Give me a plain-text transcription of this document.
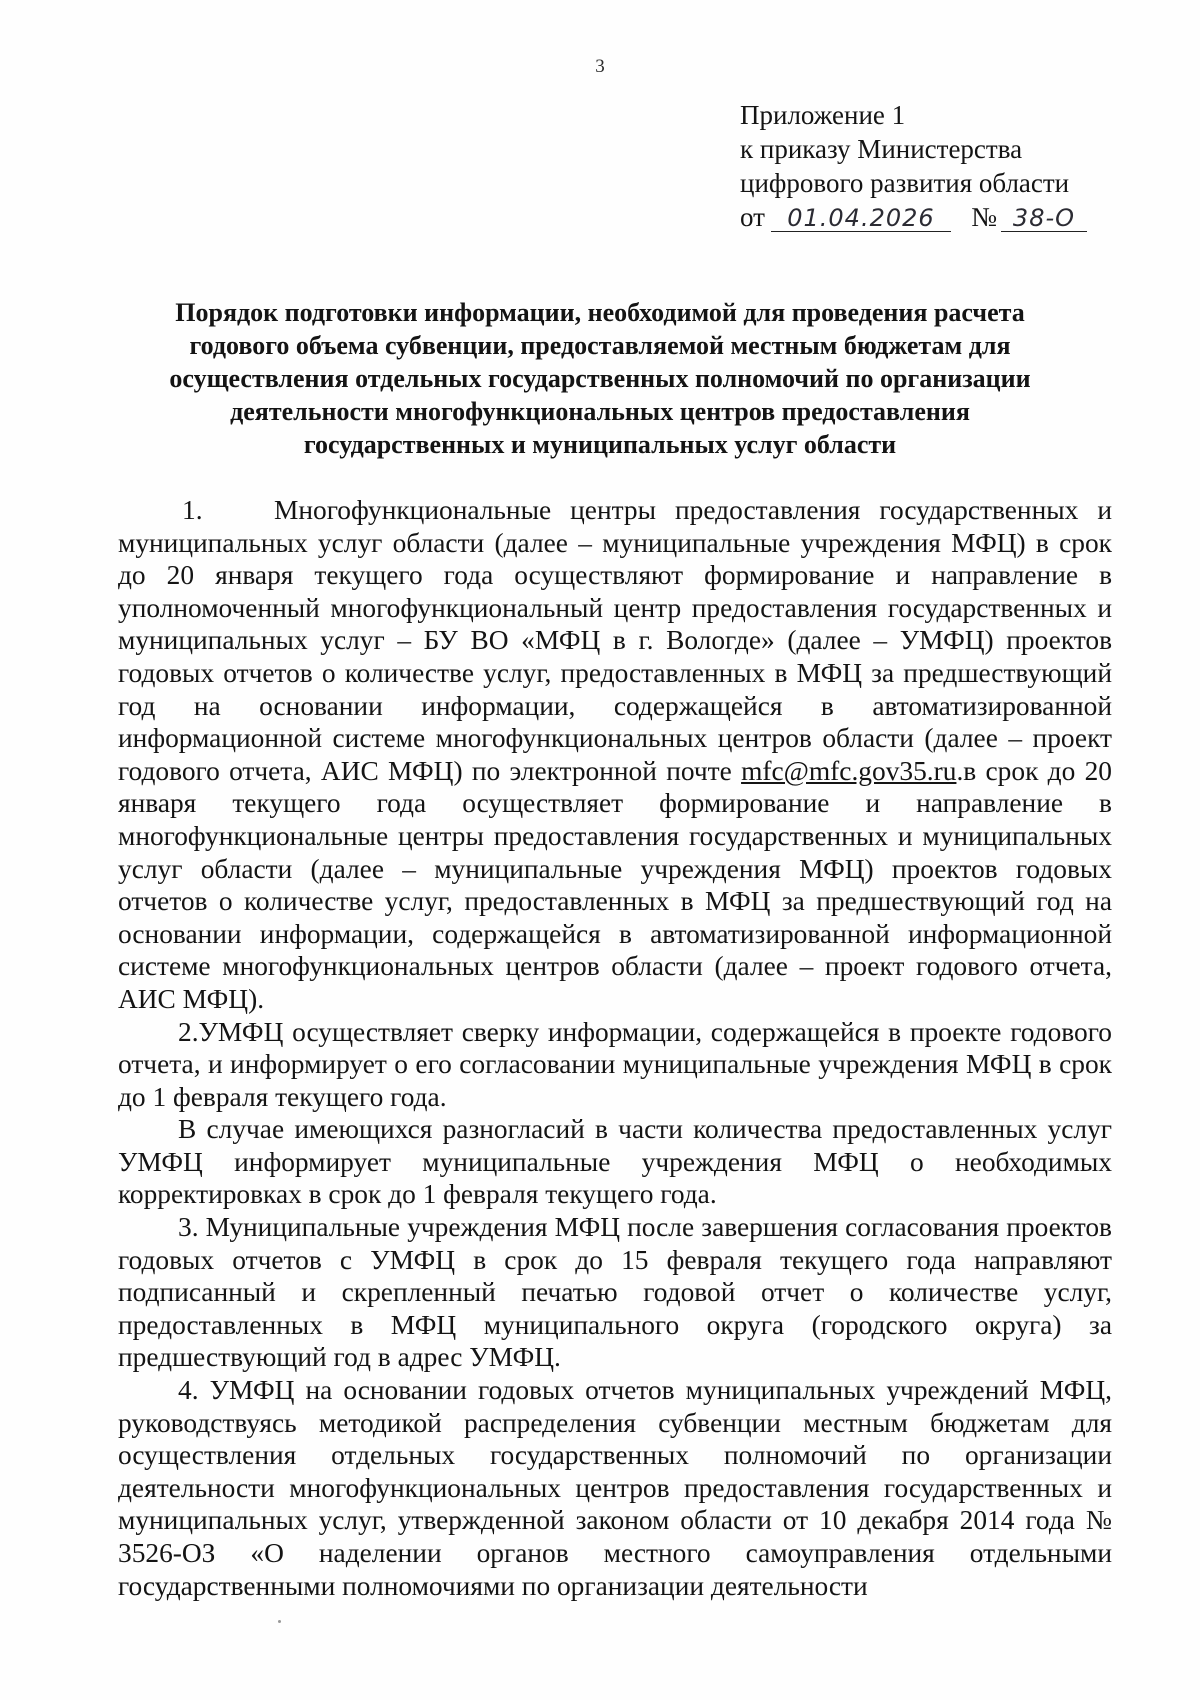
3
Приложение 1
к приказу Министерства
цифрового развития области
от 01.04.2026 № 38-О
Порядок подготовки информации, необходимой для проведения расчета
годового объема субвенции, предоставляемой местным бюджетам для
осуществления отдельных государственных полномочий по организации
деятельности многофункциональных центров предоставления
государственных и муниципальных услуг области

1.	Многофункциональные центры предоставления государственных и муниципальных услуг области (далее – муниципальные учреждения МФЦ) в срок до 20 января текущего года осуществляют формирование и направление в уполномоченный многофункциональный центр предоставления государственных и муниципальных услуг – БУ ВО «МФЦ в г. Вологде» (далее – УМФЦ) проектов годовых отчетов о количестве услуг, предоставленных в МФЦ за предшествующий год на основании информации, содержащейся в автоматизированной информационной системе многофункциональных центров области (далее – проект годового отчета, АИС МФЦ) по электронной почте mfc@mfc.gov35.ru.в срок до 20 января текущего года осуществляет формирование и направление в многофункциональные центры предоставления государственных и муниципальных услуг области (далее – муниципальные учреждения МФЦ) проектов годовых отчетов о количестве услуг, предоставленных в МФЦ за предшествующий год на основании информации, содержащейся в автоматизированной информационной системе многофункциональных центров области (далее – проект годового отчета, АИС МФЦ).

2.УМФЦ осуществляет сверку информации, содержащейся в проекте годового отчета, и информирует о его согласовании муниципальные учреждения МФЦ в срок до 1 февраля текущего года.

В случае имеющихся разногласий в части количества предоставленных услуг УМФЦ информирует муниципальные учреждения МФЦ о необходимых корректировках в срок до 1 февраля текущего года.

3. Муниципальные учреждения МФЦ после завершения согласования проектов годовых отчетов с УМФЦ в срок до 15 февраля текущего года направляют подписанный и скрепленный печатью годовой отчет о количестве услуг, предоставленных в МФЦ муниципального округа (городского округа) за предшествующий год в адрес УМФЦ.

4. УМФЦ на основании годовых отчетов муниципальных учреждений МФЦ, руководствуясь методикой распределения субвенции местным бюджетам для осуществления отдельных государственных полномочий по организации деятельности многофункциональных центров предоставления государственных и муниципальных услуг, утвержденной законом области от 10 декабря 2014 года № 3526-ОЗ «О наделении органов местного самоуправления отдельными государственными полномочиями по организации деятельности
